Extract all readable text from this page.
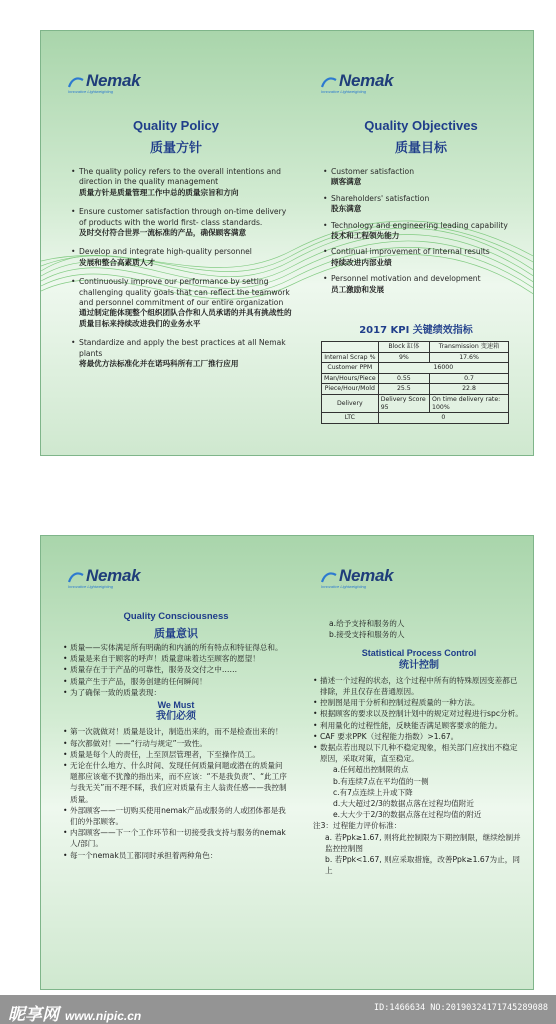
Nemak
Innovative Lightweighting
Nemak
Innovative Lightweighting
Quality Policy
质量方针
Quality Objectives
质量目标
• The quality policy refers to the overall intentions and direction in the quality management
质量方针是质量管理工作中总的质量宗旨和方向
• Ensure customer satisfaction through on-time delivery of products with the world first- class standards.
及时交付符合世界一流标准的产品，确保顾客满意
• Develop and integrate high-quality personnel
发展和整合高素质人才
• Continuously improve our performance by setting challenging quality goals that can reflect the teamwork and personnel commitment of our entire organization
通过制定能体现整个组织团队合作和人员承诺的并具有挑战性的质量目标来持续改进我们的业务水平
• Standardize and apply the best practices at all Nemak plants
将最优方法标准化并在诺玛科所有工厂推行应用
• Customer satisfaction
顾客满意
• Shareholders' satisfaction
股东满意
• Technology and engineering leading capability
技术和工程领先能力
• Continual improvement of internal results
持续改进内部业绩
• Personnel motivation and development
员工激励和发展
2017 KPI 关键绩效指标
	Block 缸体	Transmission 变速箱
Internal Scrap %	9%	17.6%
Customer PPM	16000	
Man/Hours/Piece	0.55	0.7
Piece/Hour/Mold	25.5	22.8
Delivery	Delivery Score 95	On time delivery rate: 100%
LTC	0	
Nemak
Innovative Lightweighting
Nemak
Innovative Lightweighting
Quality Consciousness
质量意识
• 质量——实体满足所有明确的和内涵的所有特点和特征得总和。
• 质量是来自于顾客的呼声！质量意味着达至顾客的愿望！
• 质量存在于于产品的可靠性，服务及交付之中……
• 质量产生于产品，服务创建的任何瞬间！
• 为了确保一致的质量表现：
We Must
我们必须
• 第一次就做对！质量是设计，制造出来的，而不是检查出来的！
• 每次都做对！——“行动与规定”一致性。
• 质量是每个人的责任，上至顶层管理者，下至操作员工。
• 无论在什么地方、什么时间、发现任何质量问题或潜在的质量问题都应该毫不犹豫的指出来，而不应该：“不是我负责”、“此工序与我无关”而不理不睬，我们应对质量有主人翁责任感——我控制质量。
• 外部顾客——一切购买使用nemak产品或服务的人或团体都是我们的外部顾客。
• 内部顾客——下一个工作环节和一切接受我支持与服务的nemak人/部门。
• 每一个nemak员工都同时承担着两种角色：
a.给予支持和服务的人
b.接受支持和服务的人
Statistical Process Control
统计控制
• 描述一个过程的状态，这个过程中所有的特殊原因变差都已排除，并且仅存在普通原因。
• 控制图是用于分析和控制过程质量的一种方法。
• 根据顾客的要求以及控制计划中的规定对过程进行spc分析。
• 利用量化的过程性能，反映能否满足顾客要求的能力。
• CAF 要求PPK（过程能力指数）>1.67。
• 数据点若出现以下几种不稳定现象，相关部门应找出不稳定原因，采取对策，直至稳定。
a.任何超出控制限的点
b.有连续7点在平均值的一侧
c.有7点连续上升或下降
d.大大超过2/3的数据点落在过程均值附近
e.大大少于2/3的数据点落在过程均值的附近
注3：过程能力评价标准：
a. 若Ppk≥1.67, 则将此控制限为下期控制限，继续绘制并监控控制图
b. 若Ppk<1.67, 则应采取措施，改善Ppk≥1.67为止，同上
昵享网 www.nipic.cn
ID:1466634 NO:20190324171745289088
